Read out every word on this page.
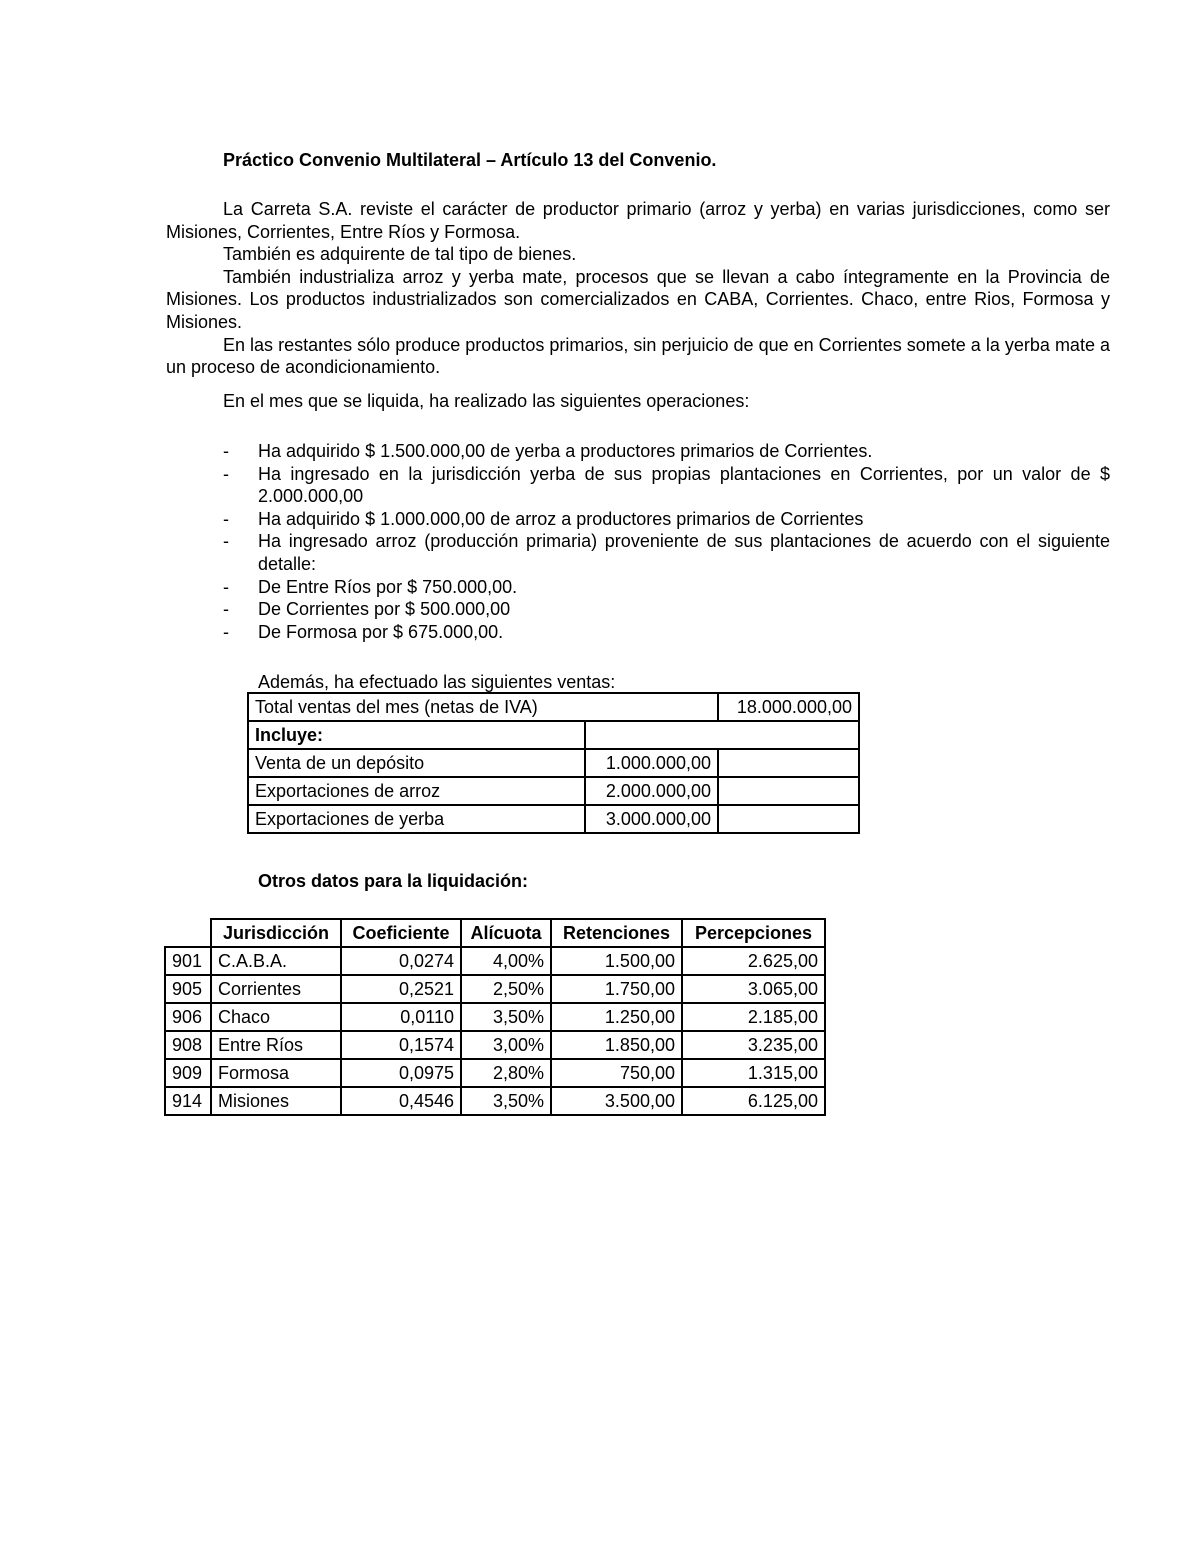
Práctico Convenio Multilateral – Artículo 13 del Convenio.

La Carreta S.A. reviste el carácter de productor primario (arroz y yerba) en varias jurisdicciones, como ser Misiones, Corrientes, Entre Ríos y Formosa.

También es adquirente de tal tipo de bienes.

También industrializa arroz y yerba mate, procesos que se llevan a cabo íntegramente en la Provincia de Misiones. Los productos industrializados son comercializados en CABA, Corrientes. Chaco, entre Rios, Formosa y Misiones.

En las restantes sólo produce productos primarios, sin perjuicio de que en Corrientes somete a la yerba mate a un proceso de acondicionamiento.

En el mes que se liquida, ha realizado las siguientes operaciones:

- Ha adquirido $ 1.500.000,00 de yerba a productores primarios de Corrientes.
- Ha ingresado en la jurisdicción yerba de sus propias plantaciones en Corrientes, por un valor de $ 2.000.000,00
- Ha adquirido $ 1.000.000,00 de arroz a productores primarios de Corrientes
- Ha ingresado arroz (producción primaria) proveniente de sus plantaciones de acuerdo con el siguiente detalle:
- De Entre Ríos por $ 750.000,00.
- De Corrientes por $ 500.000,00
- De Formosa por $ 675.000,00.
Además, ha efectuado las siguientes ventas:
Total ventas del mes (netas de IVA)		18.000.000,00
Incluye:		
Venta de un depósito	1.000.000,00	
Exportaciones de arroz	2.000.000,00	
Exportaciones de yerba	3.000.000,00	
Otros datos para la liquidación:
	Jurisdicción	Coeficiente	Alícuota	Retenciones	Percepciones
901	C.A.B.A.	0,0274	4,00%	1.500,00	2.625,00
905	Corrientes	0,2521	2,50%	1.750,00	3.065,00
906	Chaco	0,0110	3,50%	1.250,00	2.185,00
908	Entre Ríos	0,1574	3,00%	1.850,00	3.235,00
909	Formosa	0,0975	2,80%	750,00	1.315,00
914	Misiones	0,4546	3,50%	3.500,00	6.125,00
